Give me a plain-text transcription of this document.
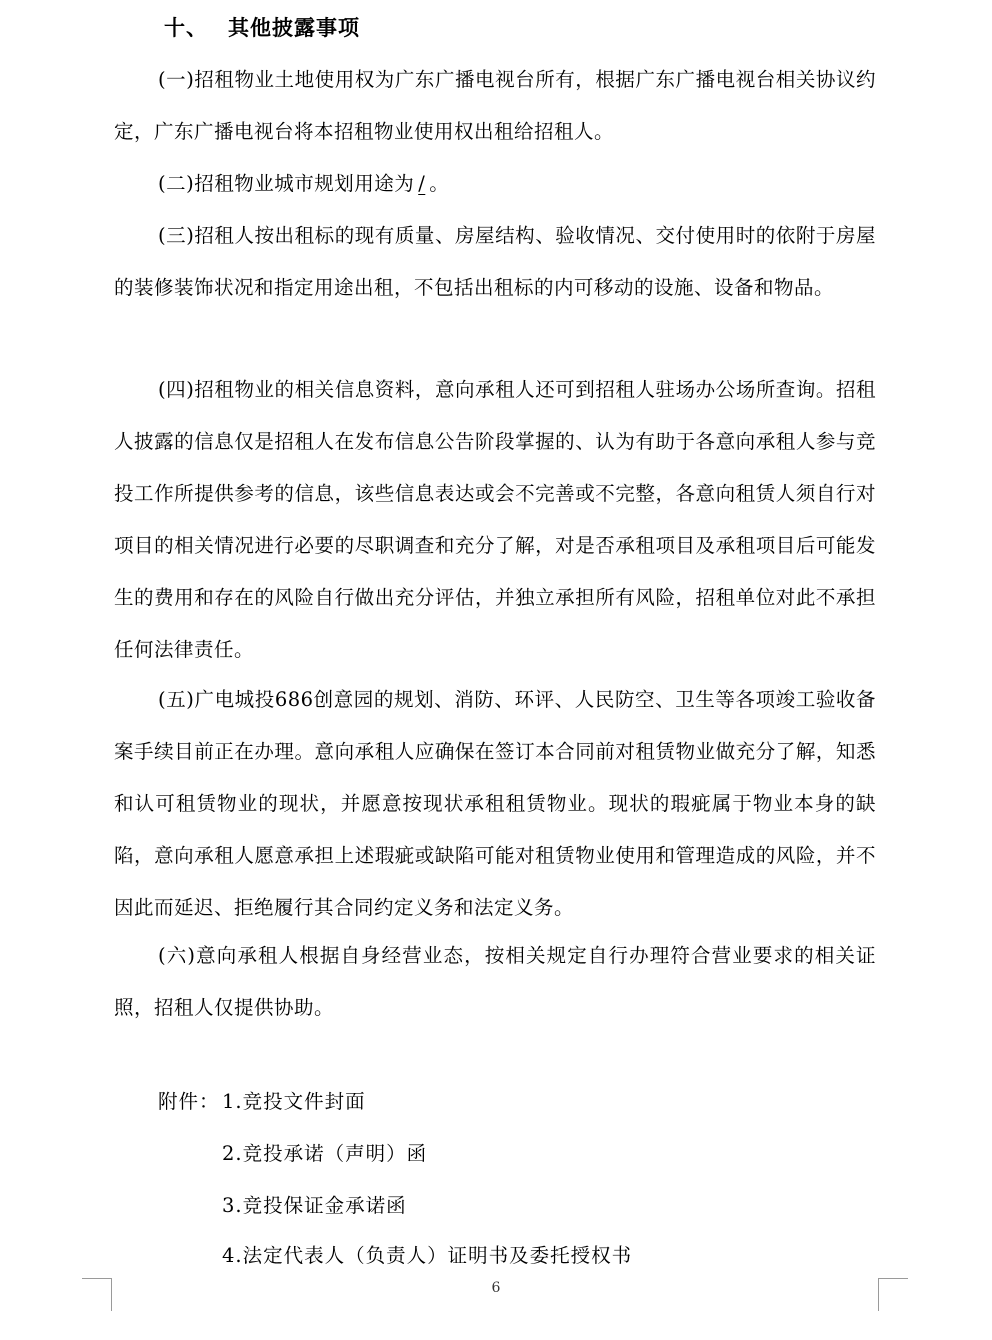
十、 其他披露事项
(一)招租物业土地使用权为广东广播电视台所有，根据广东广播电视台相关协议约定，广东广播电视台将本招租物业使用权出租给招租人。
(二)招租物业城市规划用途为 / 。
(三)招租人按出租标的现有质量、房屋结构、验收情况、交付使用时的依附于房屋的装修装饰状况和指定用途出租，不包括出租标的内可移动的设施、设备和物品。
(四)招租物业的相关信息资料，意向承租人还可到招租人驻场办公场所查询。招租人披露的信息仅是招租人在发布信息公告阶段掌握的、认为有助于各意向承租人参与竞投工作所提供参考的信息，该些信息表达或会不完善或不完整，各意向租赁人须自行对项目的相关情况进行必要的尽职调查和充分了解，对是否承租项目及承租项目后可能发生的费用和存在的风险自行做出充分评估，并独立承担所有风险，招租单位对此不承担任何法律责任。
(五)广电城投686创意园的规划、消防、环评、人民防空、卫生等各项竣工验收备案手续目前正在办理。意向承租人应确保在签订本合同前对租赁物业做充分了解，知悉和认可租赁物业的现状，并愿意按现状承租租赁物业。现状的瑕疵属于物业本身的缺陷，意向承租人愿意承担上述瑕疵或缺陷可能对租赁物业使用和管理造成的风险，并不因此而延迟、拒绝履行其合同约定义务和法定义务。
(六)意向承租人根据自身经营业态，按相关规定自行办理符合营业要求的相关证照，招租人仅提供协助。
附件： 1.竞投文件封面
2.竞投承诺（声明）函
3.竞投保证金承诺函
4.法定代表人（负责人）证明书及委托授权书
6
